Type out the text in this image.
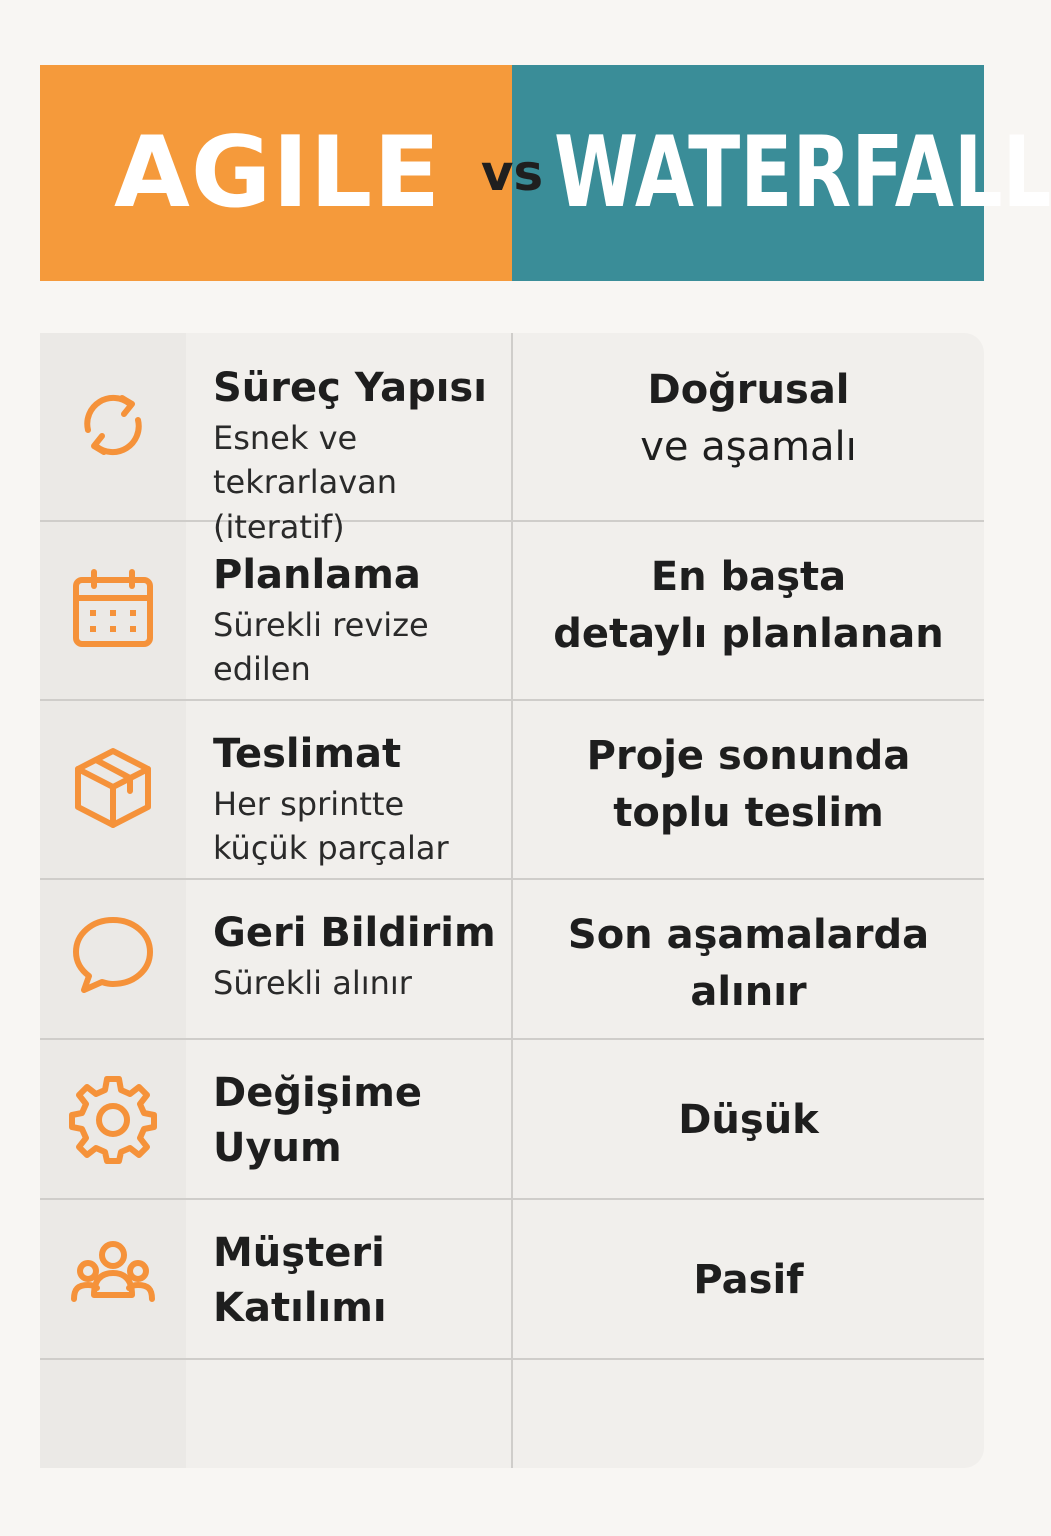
AGILE WATERFALL
vs
Süreç Yapısı
Esnek ve
tekrarlavan (iteratif)
Doğrusal
ve aşamalı
Planlama
Sürekli revize
edilen
En başta
detaylı planlanan
Teslimat
Her sprintte
küçük parçalar
Proje sonunda
toplu teslim
Geri Bildirim
Sürekli alınır
Son aşamalarda
alınır
Değişime
Uyum
Düşük
Müşteri
Katılımı
Pasif
